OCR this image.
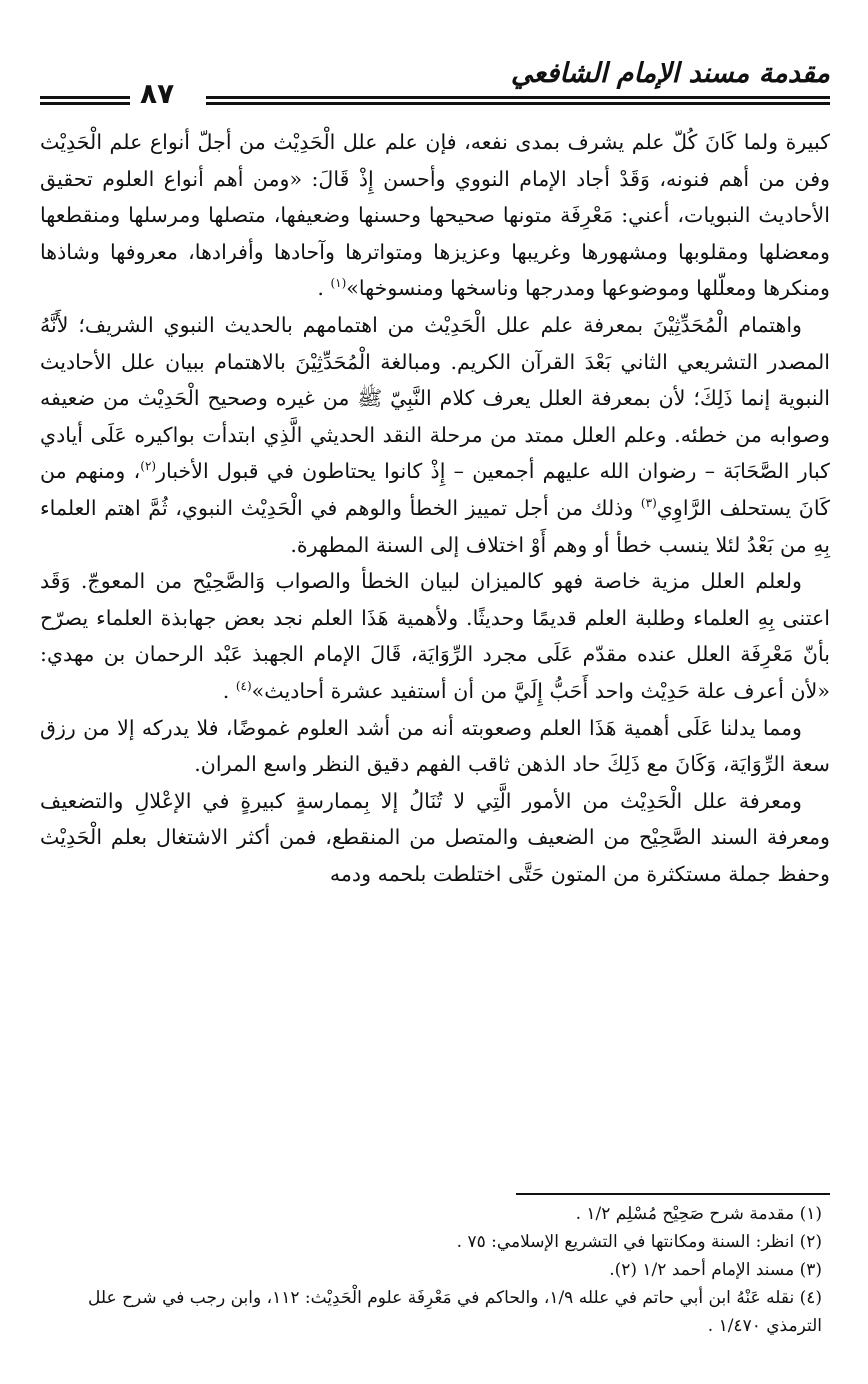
مقدمة مسند الإمام الشافعي
٨٧

كبيرة ولما كَانَ كُلّ علم يشرف بمدى نفعه، فإن علم علل الْحَدِيْث من أجلّ أنواع علم الْحَدِيْث وفن من أهم فنونه، وَقَدْ أجاد الإمام النووي وأحسن إِذْ قَالَ: «ومن أهم أنواع العلوم تحقيق الأحاديث النبويات، أعني: مَعْرِفَة متونها صحيحها وحسنها وضعيفها، متصلها ومرسلها ومنقطعها ومعضلها ومقلوبها ومشهورها وغريبها وعزيزها ومتواترها وآحادها وأفرادها، معروفها وشاذها ومنكرها ومعلّلها وموضوعها ومدرجها وناسخها ومنسوخها»$^{(١)}$ .

واهتمام الْمُحَدِّثِيْنَ بمعرفة علم علل الْحَدِيْث من اهتمامهم بالحديث النبوي الشريف؛ لأَنَّهُ المصدر التشريعي الثاني بَعْدَ القرآن الكريم. ومبالغة الْمُحَدِّثِيْنَ بالاهتمام ببيان علل الأحاديث النبوية إنما ذَلِكَ؛ لأن بمعرفة العلل يعرف كلام النَّبِيّ ﷺ من غيره وصحيح الْحَدِيْث من ضعيفه وصوابه من خطئه. وعلم العلل ممتد من مرحلة النقد الحديثي الَّذِي ابتدأت بواكيره عَلَى أيادي كبار الصَّحَابَة – رضوان الله عليهم أجمعين – إِذْ كانوا يحتاطون في قبول الأخبار$^{(٢)}$، ومنهم من كَانَ يستحلف الرَّاوِي$^{(٣)}$ وذلك من أجل تمييز الخطأ والوهم في الْحَدِيْث النبوي، ثُمَّ اهتم العلماء بِهِ من بَعْدُ لئلا ينسب خطأ أو وهم أَوْ اختلاف إلى السنة المطهرة.

ولعلم العلل مزية خاصة فهو كالميزان لبيان الخطأ والصواب وَالصَّحِيْح من المعوجّ. وَقَد اعتنى بِهِ العلماء وطلبة العلم قديمًا وحديثًا. ولأهمية هَذَا العلم نجد بعض جهابذة العلماء يصرّح بأنّ مَعْرِفَة العلل عنده مقدّم عَلَى مجرد الرِّوَايَة، قَالَ الإمام الجهبذ عَبْد الرحمان بن مهدي: «لأن أعرف علة حَدِيْث واحد أَحَبُّ إِلَيَّ من أن أستفيد عشرة أحاديث»$^{(٤)}$ .

ومما يدلنا عَلَى أهمية هَذَا العلم وصعوبته أنه من أشد العلوم غموضًا، فلا يدركه إلا من رزق سعة الرِّوَايَة، وَكَانَ مع ذَلِكَ حاد الذهن ثاقب الفهم دقيق النظر واسع المران.

ومعرفة علل الْحَدِيْث من الأمور الَّتِي لا تُنَالُ إلا بِممارسةٍ كبيرةٍ في الإعْلالِ والتضعيف ومعرفة السند الصَّحِيْح من الضعيف والمتصل من المنقطع، فمن أكثر الاشتغال بعلم الْحَدِيْث وحفظ جملة مستكثرة من المتون حَتَّى اختلطت بلحمه ودمه

(١) مقدمة شرح صَحِيْح مُسْلِم ١/٢ .

(٢) انظر: السنة ومكانتها في التشريع الإسلامي: ٧٥ .

(٣) مسند الإمام أحمد ١/٢ (٢).

(٤) نقله عَنْهُ ابن أبي حاتم في علله ١/٩، والحاكم في مَعْرِفَة علوم الْحَدِيْث: ١١٢، وابن رجب في شرح علل الترمذي ١/٤٧٠ .
